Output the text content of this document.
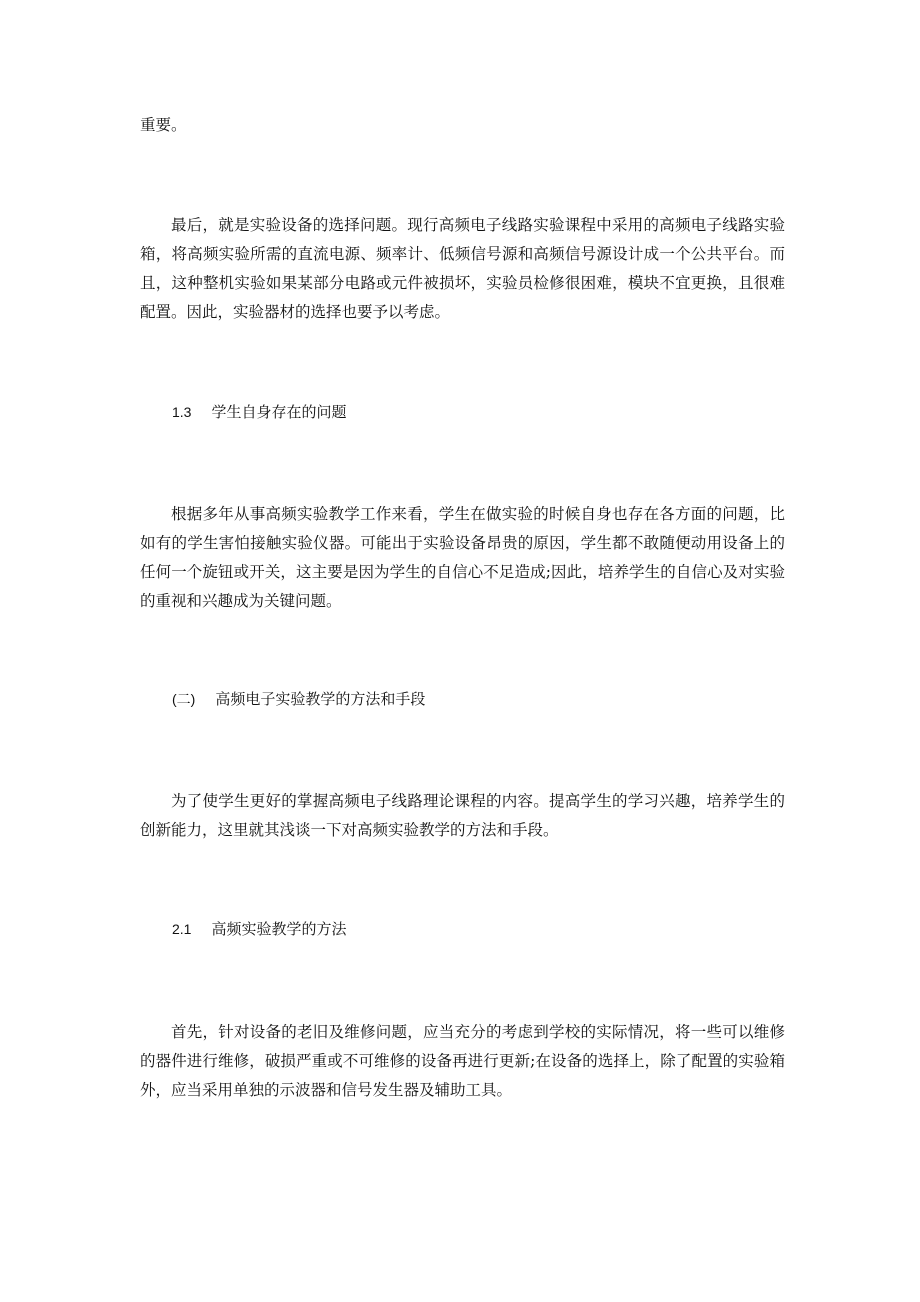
重要。

最后，就是实验设备的选择问题。现行高频电子线路实验课程中采用的高频电子线路实验箱，将高频实验所需的直流电源、频率计、低频信号源和高频信号源设计成一个公共平台。而且，这种整机实验如果某部分电路或元件被损坏，实验员检修很困难，模块不宜更换，且很难配置。因此，实验器材的选择也要予以考虑。

1.3 学生自身存在的问题

根据多年从事高频实验教学工作来看，学生在做实验的时候自身也存在各方面的问题，比如有的学生害怕接触实验仪器。可能出于实验设备昂贵的原因，学生都不敢随便动用设备上的任何一个旋钮或开关，这主要是因为学生的自信心不足造成;因此，培养学生的自信心及对实验的重视和兴趣成为关键问题。

(二) 高频电子实验教学的方法和手段

为了使学生更好的掌握高频电子线路理论课程的内容。提高学生的学习兴趣，培养学生的创新能力，这里就其浅谈一下对高频实验教学的方法和手段。

2.1 高频实验教学的方法

首先，针对设备的老旧及维修问题，应当充分的考虑到学校的实际情况，将一些可以维修的器件进行维修，破损严重或不可维修的设备再进行更新;在设备的选择上，除了配置的实验箱外，应当采用单独的示波器和信号发生器及辅助工具。
